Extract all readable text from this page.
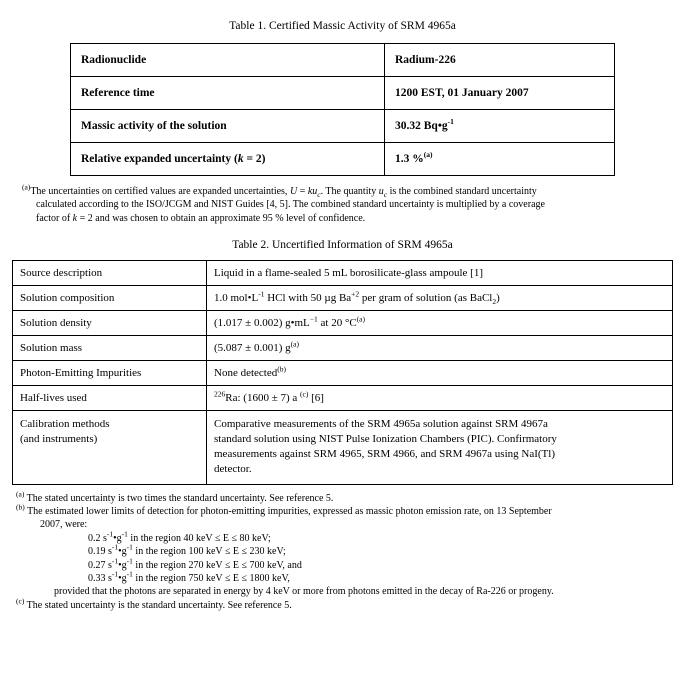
Table 1. Certified Massic Activity of SRM 4965a

Radionuclide	Radium-226
Reference time	1200 EST, 01 January 2007
Massic activity of the solution	30.32 $Bq•g^{-1}$
Relative expanded uncertainty (k = 2)	1.3 %$^{(a)}$

$^{(a)}$The uncertainties on certified values are expanded uncertainties, $U = ku_c$. The quantity $u_c$ is the combined standard uncertainty
calculated according to the ISO/JCGM and NIST Guides [4, 5]. The combined standard uncertainty is multiplied by a coverage
factor of k = 2 and was chosen to obtain an approximate 95 % level of confidence.

Table 2. Uncertified Information of SRM 4965a

Source description	Liquid in a flame-sealed 5 mL borosilicate-glass ampoule [1]
Solution composition	1.0 $mol•L^{-1}$ HCl with 50 µg $Ba^{+2}$ per gram of solution (as BaCl$_2$)
Solution density	(1.017 ± 0.002) $g•mL^{-1}$ at 20 $^\circ C^{(a)}$
Solution mass	(5.087 ± 0.001) $g^{(a)}$
Photon-Emitting Impurities	None detected$^{(b)}$
Half-lives used	$^{226}$Ra: (1600 ± 7) a $^{(c)}$ [6]
Calibration methods
(and instruments)	Comparative measurements of the SRM 4965a solution against SRM 4967a
standard solution using NIST Pulse Ionization Chambers (PIC). Confirmatory
measurements against SRM 4965, SRM 4966, and SRM 4967a using NaI(Tl)
detector.
$^{(a)}$ The stated uncertainty is two times the standard uncertainty. See reference 5.
$^{(b)}$ The estimated lower limits of detection for photon-emitting impurities, expressed as massic photon emission rate, on 13 September
2007, were:
0.2 $s^{-1}•g^{-1}$ in the region 40 keV ≤ E ≤ 80 keV;
0.19 $s^{-1}•g^{-1}$ in the region 100 keV ≤ E ≤ 230 keV;
0.27 $s^{-1}•g^{-1}$ in the region 270 keV ≤ E ≤ 700 keV, and
0.33 $s^{-1}•g^{-1}$ in the region 750 keV ≤ E ≤ 1800 keV,
provided that the photons are separated in energy by 4 keV or more from photons emitted in the decay of Ra-226 or progeny.
$^{(c)}$ The stated uncertainty is the standard uncertainty. See reference 5.
